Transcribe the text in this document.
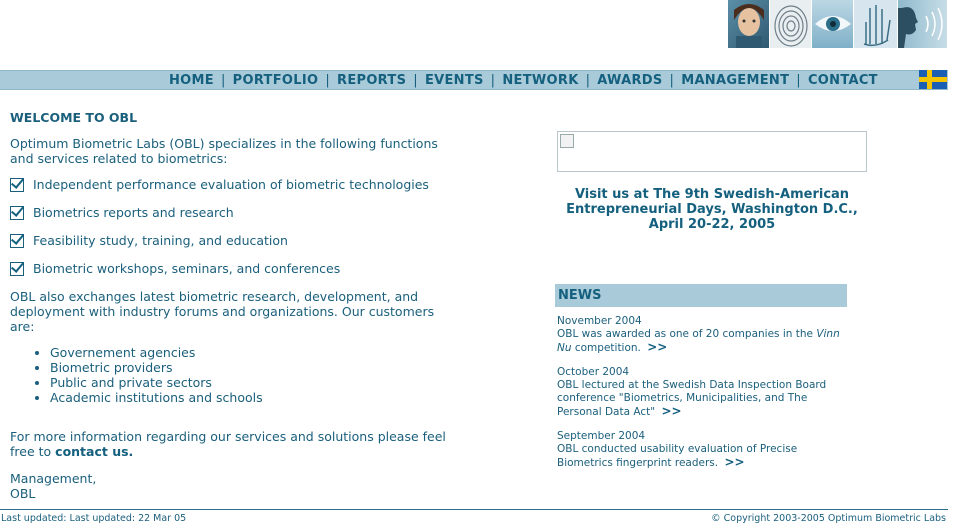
HOME | PORTFOLIO | REPORTS | EVENTS | NETWORK | AWARDS | MANAGEMENT | CONTACT
WELCOME TO OBL

Optimum Biometric Labs (OBL) specializes in the following functions and services related to biometrics:

Independent performance evaluation of biometric technologies
Biometrics reports and research
Feasibility study, training, and education
Biometric workshops, seminars, and conferences

OBL also exchanges latest biometric research, development, and deployment with industry forums and organizations. Our customers are:

• Governement agencies
• Biometric providers
• Public and private sectors
• Academic institutions and schools

For more information regarding our services and solutions please feel free to contact us.

Management,
OBL

Visit us at The 9th Swedish-American Entrepreneurial Days, Washington D.C., April 20-22, 2005
NEWS
November 2004
OBL was awarded as one of 20 companies in the Vinn Nu competition. >>
October 2004
OBL lectured at the Swedish Data Inspection Board conference "Biometrics, Municipalities, and The Personal Data Act" >>
September 2004
OBL conducted usability evaluation of Precise Biometrics fingerprint readers. >>
Last updated: Last updated: 22 Mar 05	© Copyright 2003-2005 Optimum Biometric Labs
